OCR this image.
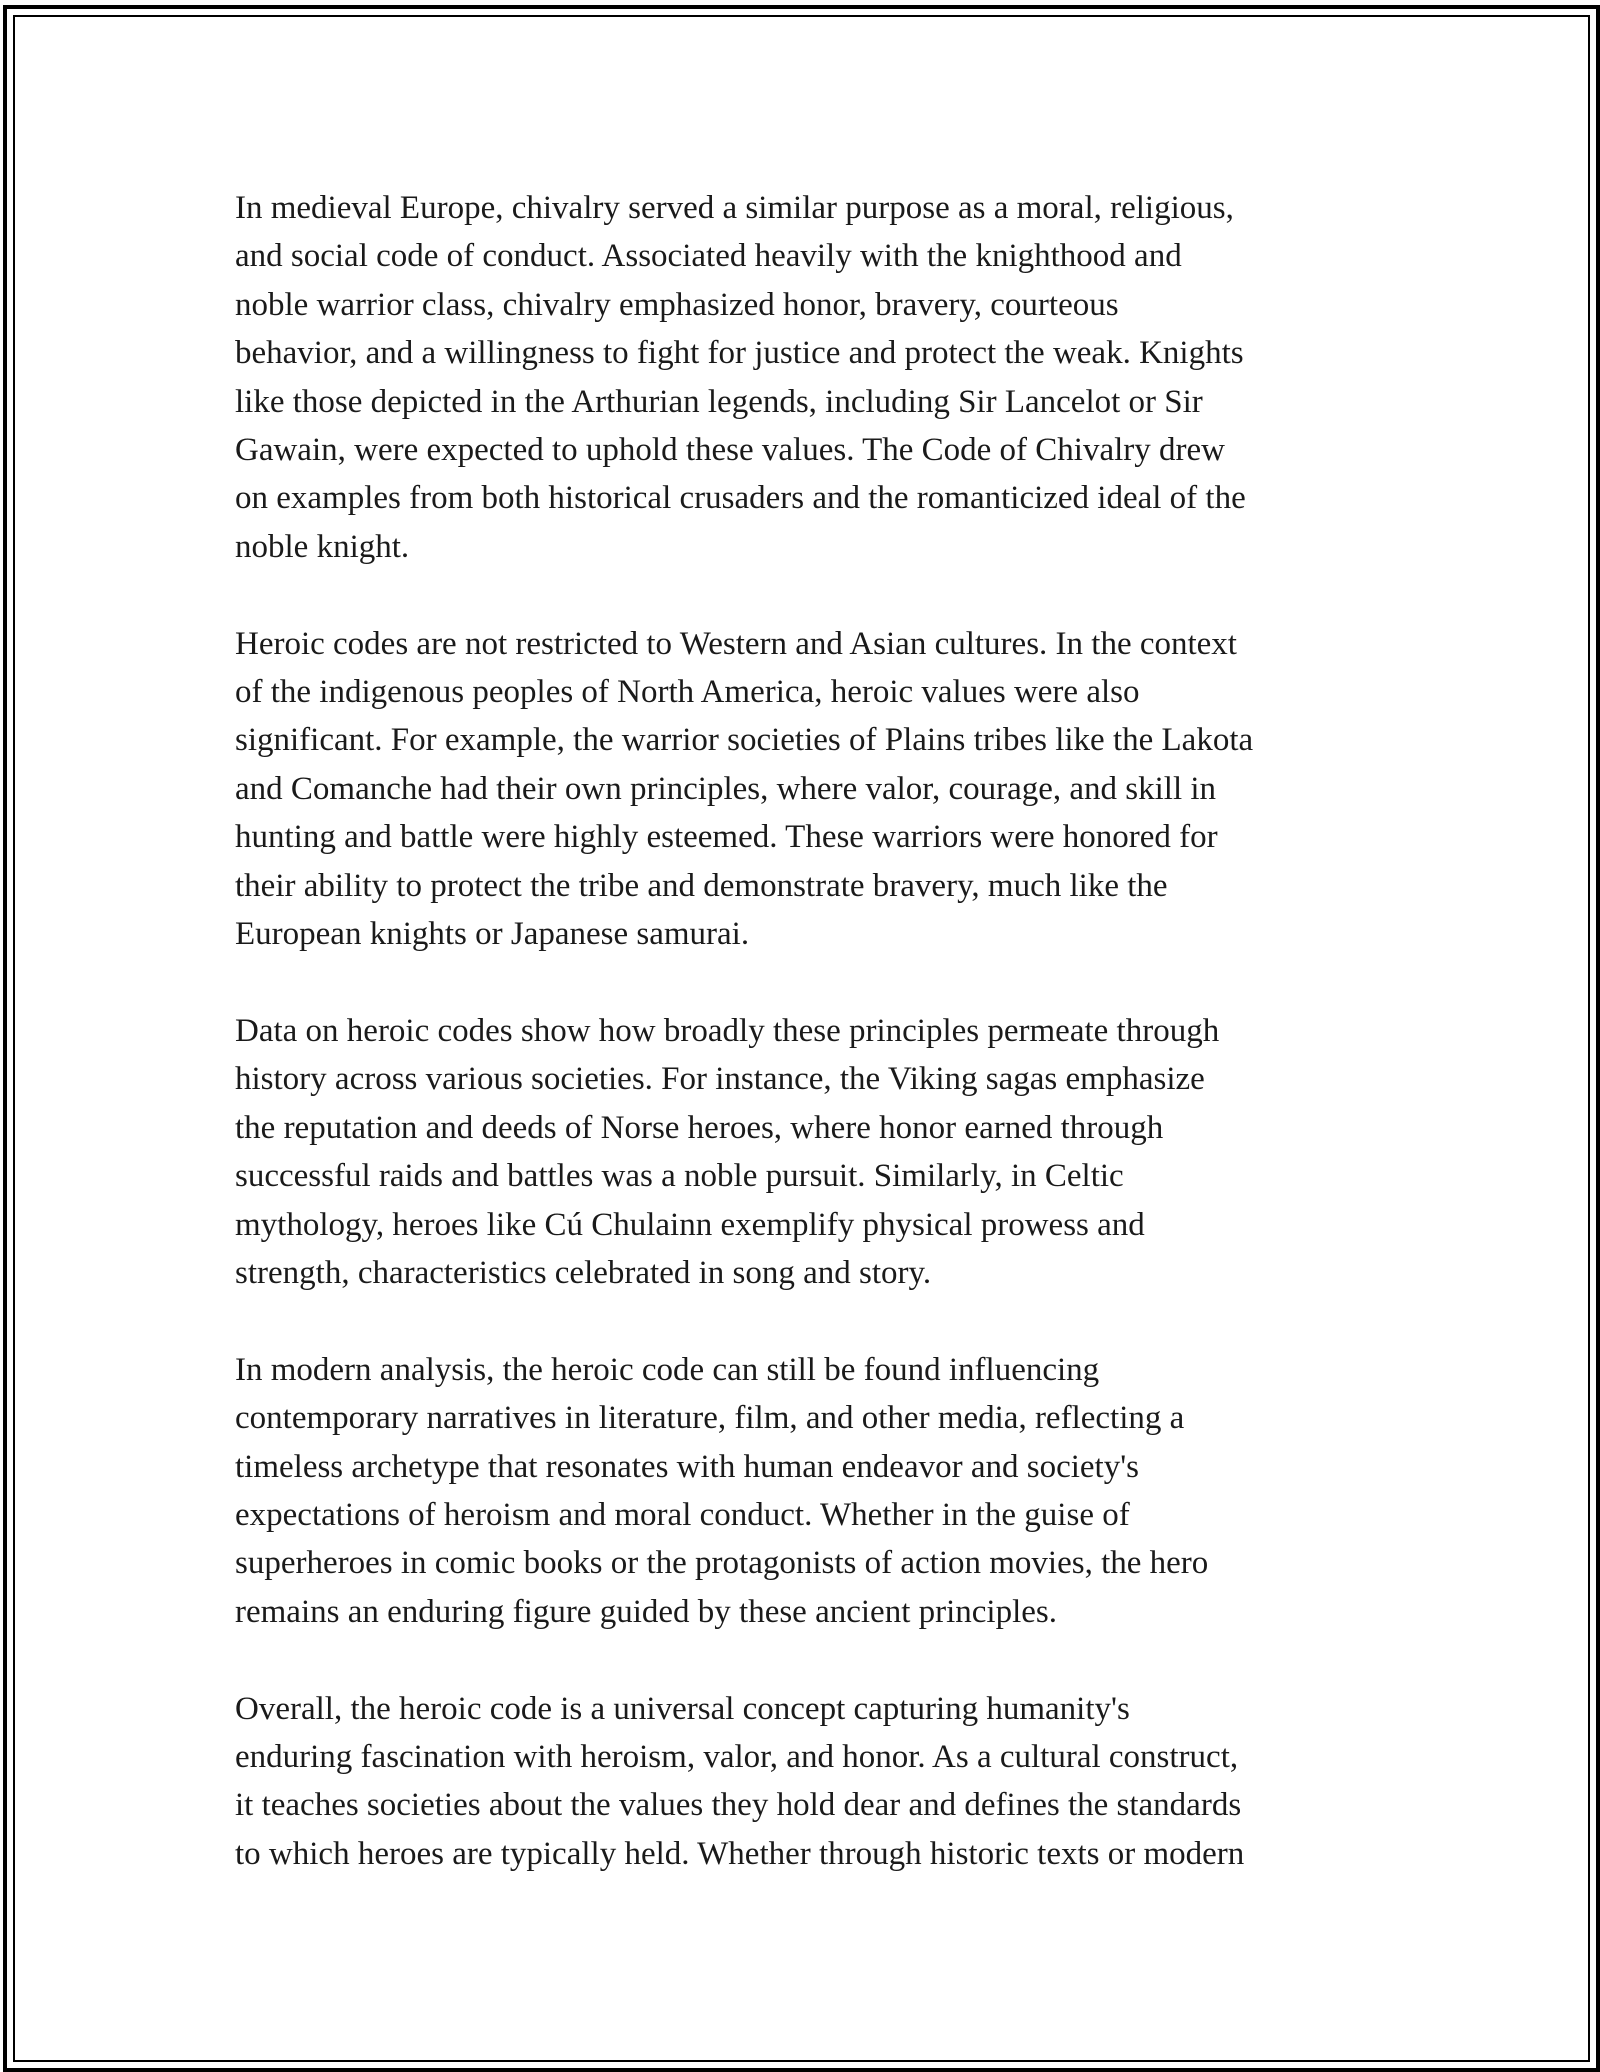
In medieval Europe, chivalry served a similar purpose as a moral, religious,
and social code of conduct. Associated heavily with the knighthood and
noble warrior class, chivalry emphasized honor, bravery, courteous
behavior, and a willingness to fight for justice and protect the weak. Knights
like those depicted in the Arthurian legends, including Sir Lancelot or Sir
Gawain, were expected to uphold these values. The Code of Chivalry drew
on examples from both historical crusaders and the romanticized ideal of the
noble knight.

Heroic codes are not restricted to Western and Asian cultures. In the context
of the indigenous peoples of North America, heroic values were also
significant. For example, the warrior societies of Plains tribes like the Lakota
and Comanche had their own principles, where valor, courage, and skill in
hunting and battle were highly esteemed. These warriors were honored for
their ability to protect the tribe and demonstrate bravery, much like the
European knights or Japanese samurai.

Data on heroic codes show how broadly these principles permeate through
history across various societies. For instance, the Viking sagas emphasize
the reputation and deeds of Norse heroes, where honor earned through
successful raids and battles was a noble pursuit. Similarly, in Celtic
mythology, heroes like Cú Chulainn exemplify physical prowess and
strength, characteristics celebrated in song and story.

In modern analysis, the heroic code can still be found influencing
contemporary narratives in literature, film, and other media, reflecting a
timeless archetype that resonates with human endeavor and society's
expectations of heroism and moral conduct. Whether in the guise of
superheroes in comic books or the protagonists of action movies, the hero
remains an enduring figure guided by these ancient principles.

Overall, the heroic code is a universal concept capturing humanity's
enduring fascination with heroism, valor, and honor. As a cultural construct,
it teaches societies about the values they hold dear and defines the standards
to which heroes are typically held. Whether through historic texts or modern
